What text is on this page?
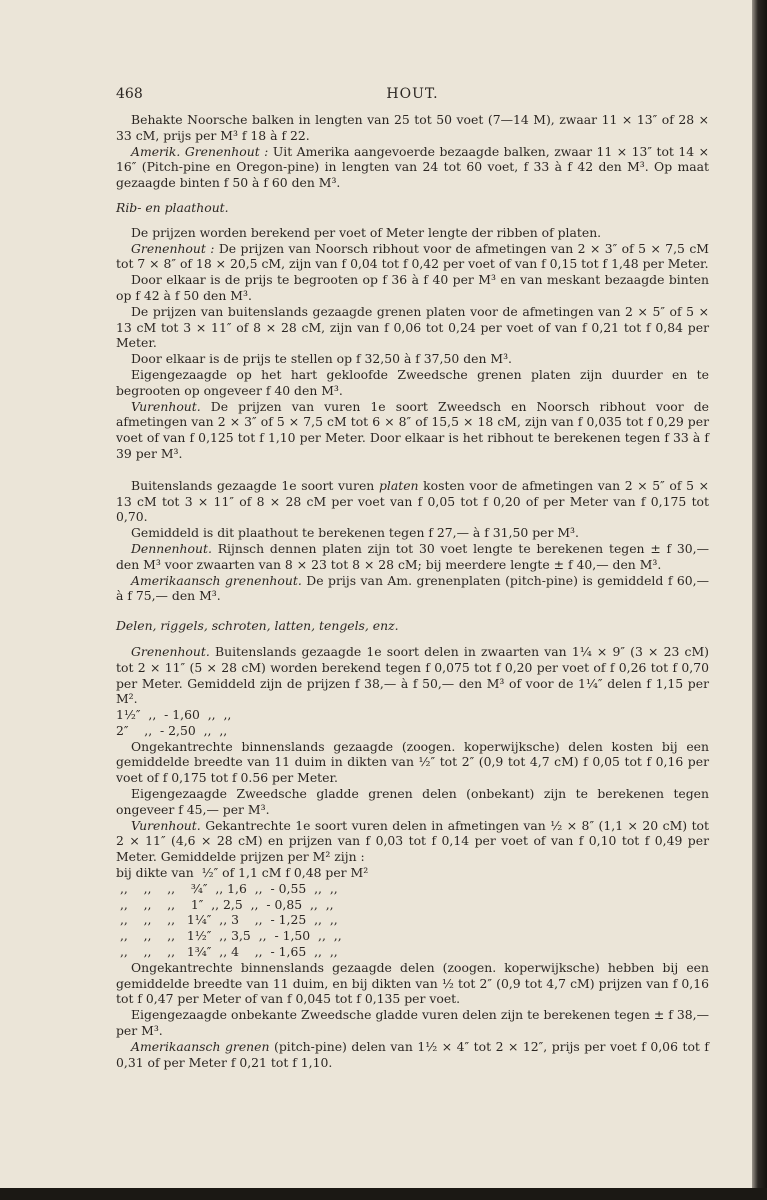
468	HOUT.

Behakte Noorsche balken in lengten van 25 tot 50 voet (7—14 M), zwaar 11 × 13″ of 28 × 33 cM, prijs per M³ f 18 à f 22.

Amerik. Grenenhout : Uit Amerika aangevoerde bezaagde balken, zwaar 11 × 13″ tot 14 × 16″ (Pitch-pine en Oregon-pine) in lengten van 24 tot 60 voet, f 33 à f 42 den M³. Op maat gezaagde binten f 50 à f 60 den M³.

Rib- en plaathout.

De prijzen worden berekend per voet of Meter lengte der ribben of platen.

Grenenhout : De prijzen van Noorsch ribhout voor de afmetingen van 2 × 3″ of 5 × 7,5 cM tot 7 × 8″ of 18 × 20,5 cM, zijn van f 0,04 tot f 0,42 per voet of van f 0,15 tot f 1,48 per Meter.

Door elkaar is de prijs te begrooten op f 36 à f 40 per M³ en van meskant bezaagde binten op f 42 à f 50 den M³.

De prijzen van buitenslands gezaagde grenen platen voor de afmetingen van 2 × 5″ of 5 × 13 cM tot 3 × 11″ of 8 × 28 cM, zijn van f 0,06 tot 0,24 per voet of van f 0,21 tot f 0,84 per Meter.

Door elkaar is de prijs te stellen op f 32,50 à f 37,50 den M³.

Eigengezaagde op het hart gekloofde Zweedsche grenen platen zijn duurder en te begrooten op ongeveer f 40 den M³.

Vurenhout. De prijzen van vuren 1e soort Zweedsch en Noorsch ribhout voor de afmetingen van 2 × 3″ of 5 × 7,5 cM tot 6 × 8″ of 15,5 × 18 cM, zijn van f 0,035 tot f 0,29 per voet of van f 0,125 tot f 1,10 per Meter. Door elkaar is het ribhout te berekenen tegen f 33 à f 39 per M³.

Buitenslands gezaagde 1e soort vuren platen kosten voor de afmetingen van 2 × 5″ of 5 × 13 cM tot 3 × 11″ of 8 × 28 cM per voet van f 0,05 tot f 0,20 of per Meter van f 0,175 tot 0,70.

Gemiddeld is dit plaathout te berekenen tegen f 27,— à f 31,50 per M³.

Dennenhout. Rijnsch dennen platen zijn tot 30 voet lengte te berekenen tegen ± f 30,— den M³ voor zwaarten van 8 × 23 tot 8 × 28 cM; bij meerdere lengte ± f 40,— den M³.

Amerikaansch grenenhout. De prijs van Am. grenenplaten (pitch-pine) is gemiddeld f 60,— à f 75,— den M³.

Delen, riggels, schroten, latten, tengels, enz.

Grenenhout. Buitenslands gezaagde 1e soort delen in zwaarten van 1¼ × 9″ (3 × 23 cM) tot 2 × 11″ (5 × 28 cM) worden berekend tegen f 0,075 tot f 0,20 per voet of f 0,26 tot f 0,70 per Meter. Gemiddeld zijn de prijzen f 38,— à f 50,— den M³ of voor de 1¼″ delen f 1,15 per M².

1½″  ,,  - 1,60  ,,  ,,

2″    ,,  - 2,50  ,,  ,,

Ongekantrechte binnenslands gezaagde (zoogen. koperwijksche) delen kosten bij een gemiddelde breedte van 11 duim in dikten van ½″ tot 2″ (0,9 tot 4,7 cM) f 0,05 tot f 0,16 per voet of f 0,175 tot f 0.56 per Meter.

Eigengezaagde Zweedsche gladde grenen delen (onbekant) zijn te berekenen tegen ongeveer f 45,— per M³.

Vurenhout. Gekantrechte 1e soort vuren delen in afmetingen van ½ × 8″ (1,1 × 20 cM) tot 2 × 11″ (4,6 × 28 cM) en prijzen van f 0,03 tot f 0,14 per voet of van f 0,10 tot f 0,49 per Meter. Gemiddelde prijzen per M² zijn :

bij dikte van  ½″ of 1,1 cM f 0,48 per M²

,,    ,,    ,,    ¾″  ,, 1,6  ,,  - 0,55  ,,  ,,

,,    ,,    ,,    1″  ,, 2,5  ,,  - 0,85  ,,  ,,

,,    ,,    ,,   1¼″  ,, 3    ,,  - 1,25  ,,  ,,

,,    ,,    ,,   1½″  ,, 3,5  ,,  - 1,50  ,,  ,,

,,    ,,    ,,   1¾″  ,, 4    ,,  - 1,65  ,,  ,,

Ongekantrechte binnenslands gezaagde delen (zoogen. koperwijksche) hebben bij een gemiddelde breedte van 11 duim, en bij dikten van ½ tot 2″ (0,9 tot 4,7 cM) prijzen van f 0,16 tot f 0,47 per Meter of van f 0,045 tot f 0,135 per voet.

Eigengezaagde onbekante Zweedsche gladde vuren delen zijn te berekenen tegen ± f 38,— per M³.

Amerikaansch grenen (pitch-pine) delen van 1½ × 4″ tot 2 × 12″, prijs per voet f 0,06 tot f 0,31 of per Meter f 0,21 tot f 1,10.
